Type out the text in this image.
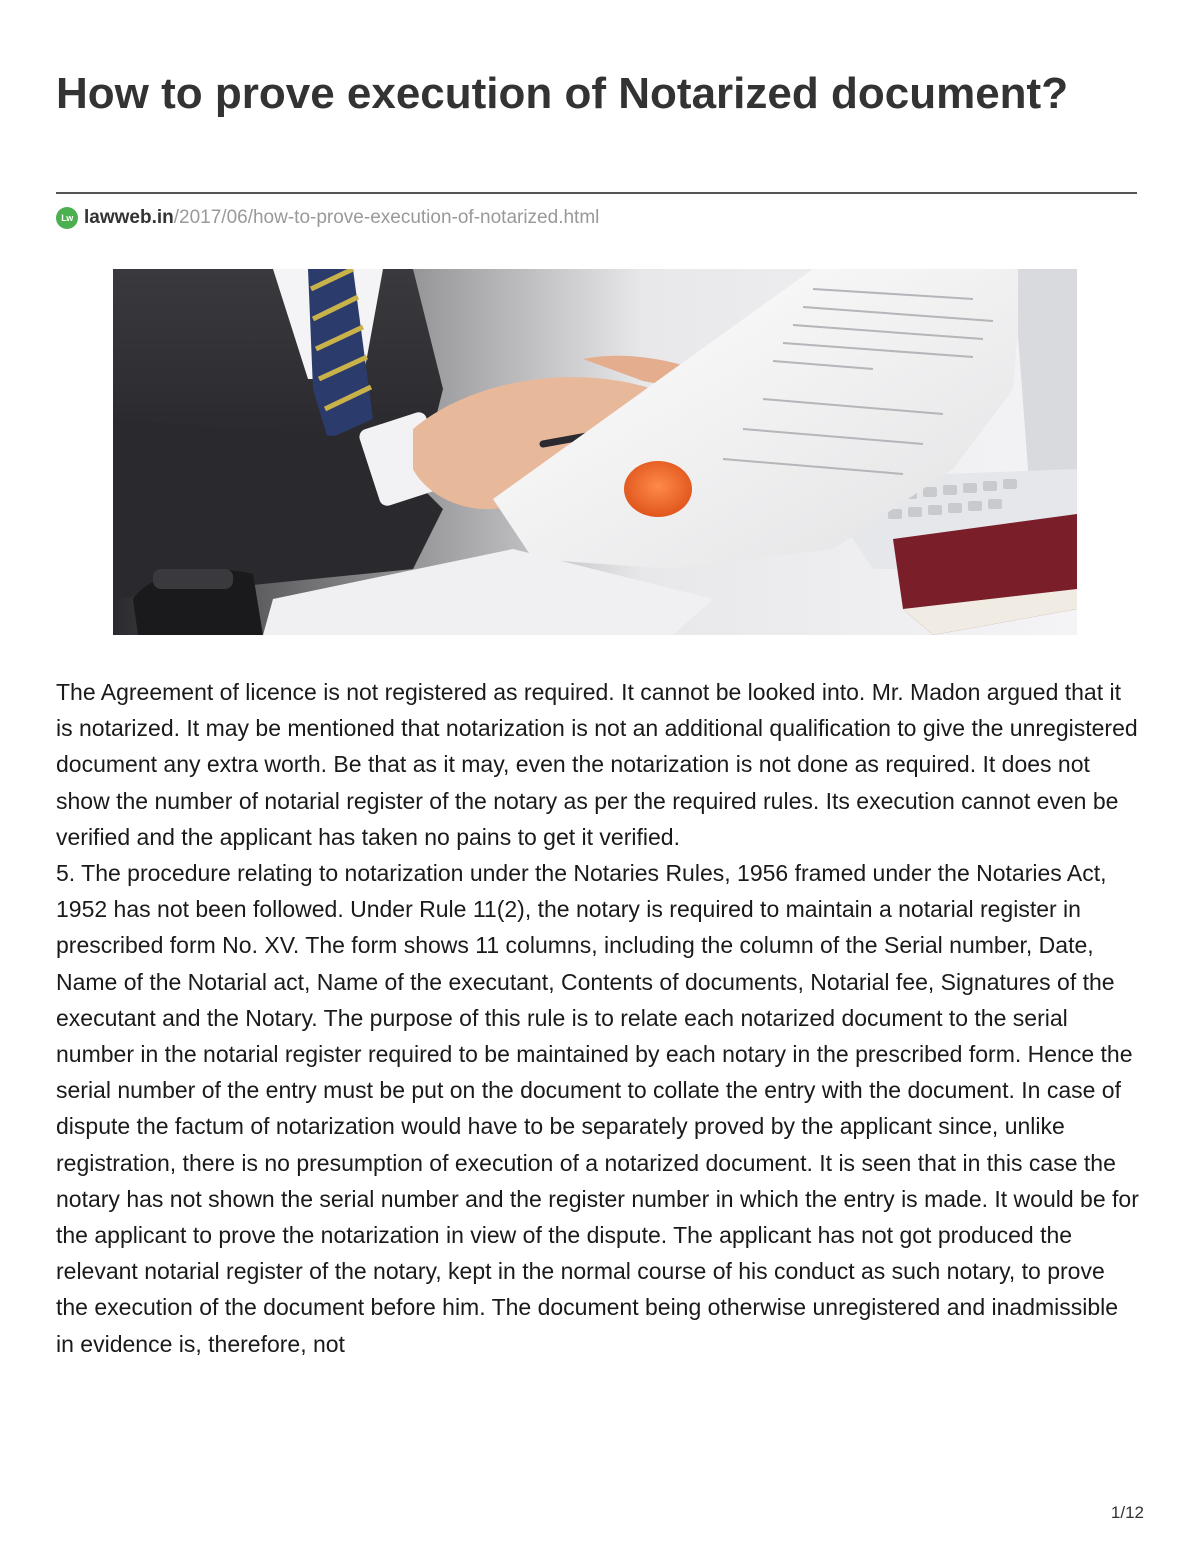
How to prove execution of Notarized document?
Lw lawweb.in /2017/06/how-to-prove-execution-of-notarized.html

The Agreement of licence is not registered as required. It cannot be looked into. Mr. Madon argued that it is notarized. It may be mentioned that notarization is not an additional qualification to give the unregistered document any extra worth. Be that as it may, even the notarization is not done as required. It does not show the number of notarial register of the notary as per the required rules. Its execution cannot even be verified and the applicant has taken no pains to get it verified.

5. The procedure relating to notarization under the Notaries Rules, 1956 framed under the Notaries Act, 1952 has not been followed. Under Rule 11(2), the notary is required to maintain a notarial register in prescribed form No. XV. The form shows 11 columns, including the column of the Serial number, Date, Name of the Notarial act, Name of the executant, Contents of documents, Notarial fee, Signatures of the executant and the Notary. The purpose of this rule is to relate each notarized document to the serial number in the notarial register required to be maintained by each notary in the prescribed form. Hence the serial number of the entry must be put on the document to collate the entry with the document. In case of dispute the factum of notarization would have to be separately proved by the applicant since, unlike registration, there is no presumption of execution of a notarized document. It is seen that in this case the notary has not shown the serial number and the register number in which the entry is made. It would be for the applicant to prove the notarization in view of the dispute. The applicant has not got produced the relevant notarial register of the notary, kept in the normal course of his conduct as such notary, to prove the execution of the document before him. The document being otherwise unregistered and inadmissible in evidence is, therefore, not

1/12
